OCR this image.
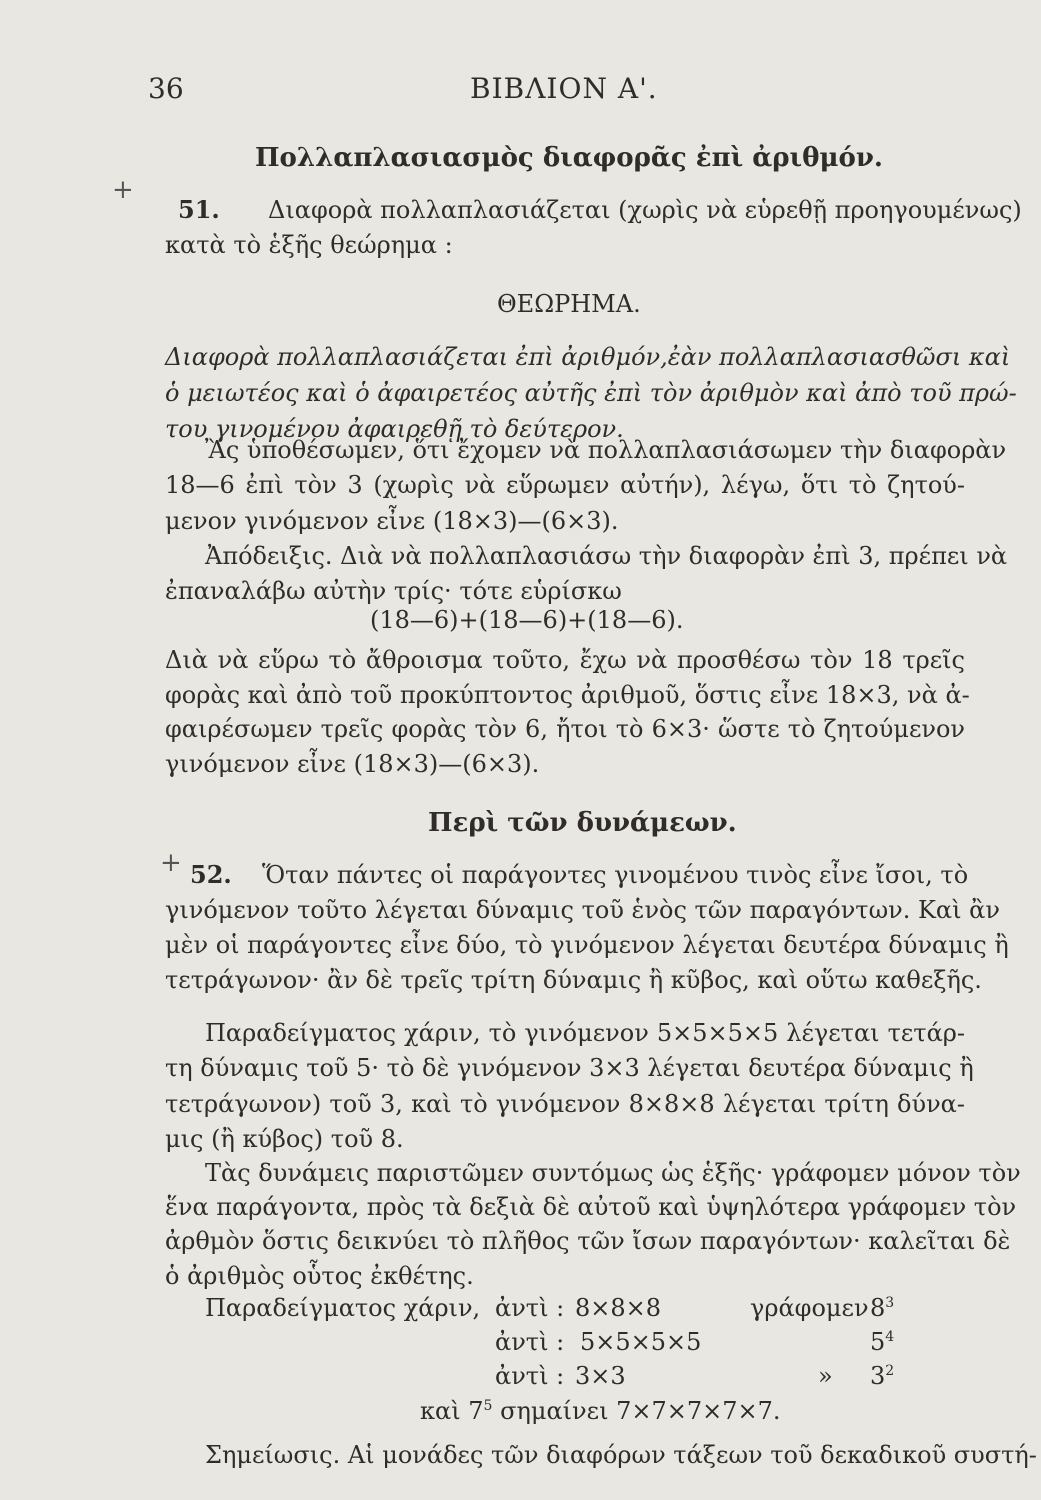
36	ΒΙΒΛΙΟΝ Α'.
Πολλαπλασιασμὸς διαφορᾶς ἐπὶ ἀριθμόν.
+
51. Διαφορὰ πολλαπλασιάζεται (χωρὶς νὰ εὑρεθῇ προηγουμένως)
κατὰ τὸ ἑξῆς θεώρημα :
ΘΕΩΡΗΜΑ.
Διαφορὰ πολλαπλασιάζεται ἐπὶ ἀριθμόν,ἐὰν πολλαπλασιασθῶσι καὶ
ὁ μειωτέος καὶ ὁ ἀφαιρετέος αὐτῆς ἐπὶ τὸν ἀριθμὸν καὶ ἀπὸ τοῦ πρώ-
του γινομένου ἀφαιρεθῇ τὸ δεύτερον.
Ἂς ὑποθέσωμεν, ὅτι ἔχομεν νὰ πολλαπλασιάσωμεν τὴν διαφορὰν
18—6 ἐπὶ τὸν 3 (χωρὶς νὰ εὕρωμεν αὐτήν), λέγω, ὅτι τὸ ζητού-
μενον γινόμενον εἶνε (18×3)—(6×3).
Ἀπόδειξις. Διὰ νὰ πολλαπλασιάσω τὴν διαφορὰν ἐπὶ 3, πρέπει νὰ
ἐπαναλάβω αὐτὴν τρίς· τότε εὑρίσκω
(18—6)+(18—6)+(18—6).
Διὰ νὰ εὕρω τὸ ἄθροισμα τοῦτο, ἔχω νὰ προσθέσω τὸν 18 τρεῖς
φορὰς καὶ ἀπὸ τοῦ προκύπτοντος ἀριθμοῦ, ὅστις εἶνε 18×3, νὰ ἀ-
φαιρέσωμεν τρεῖς φορὰς τὸν 6, ἤτοι τὸ 6×3· ὥστε τὸ ζητούμενον
γινόμενον εἶνε (18×3)—(6×3).
Περὶ τῶν δυνάμεων.
+ 52. Ὅταν πάντες οἱ παράγοντες γινομένου τινὸς εἶνε ἴσοι, τὸ
γινόμενον τοῦτο λέγεται δύναμις τοῦ ἑνὸς τῶν παραγόντων. Καὶ ἂν
μὲν οἱ παράγοντες εἶνε δύο, τὸ γινόμενον λέγεται δευτέρα δύναμις ἢ
τετράγωνον· ἂν δὲ τρεῖς τρίτη δύναμις ἢ κῦβος, καὶ οὕτω καθεξῆς.
Παραδείγματος χάριν, τὸ γινόμενον 5×5×5×5 λέγεται τετάρ-
τη δύναμις τοῦ 5· τὸ δὲ γινόμενον 3×3 λέγεται δευτέρα δύναμις ἢ
τετράγωνον) τοῦ 3, καὶ τὸ γινόμενον 8×8×8 λέγεται τρίτη δύνα-
μις (ἢ κύβος) τοῦ 8.
Τὰς δυνάμεις παριστῶμεν συντόμως ὡς ἑξῆς· γράφομεν μόνον τὸν
ἕνα παράγοντα, πρὸς τὰ δεξιὰ δὲ αὐτοῦ καὶ ὑψηλότερα γράφομεν τὸν
ἀρθμὸν ὅστις δεικνύει τὸ πλῆθος τῶν ἴσων παραγόντων· καλεῖται δὲ
ὁ ἀριθμὸς οὗτος ἐκθέτης.
Παραδείγματος χάριν, ἀντὶ : 8×8×8	γράφομεν $8^3$
ἀντὶ : 5×5×5×5	$5^4$
ἀντὶ : 3×3	» $3^2$
καὶ $7^5$ σημαίνει 7×7×7×7×7.
Σημείωσις. Αἱ μονάδες τῶν διαφόρων τάξεων τοῦ δεκαδικοῦ συστή-
